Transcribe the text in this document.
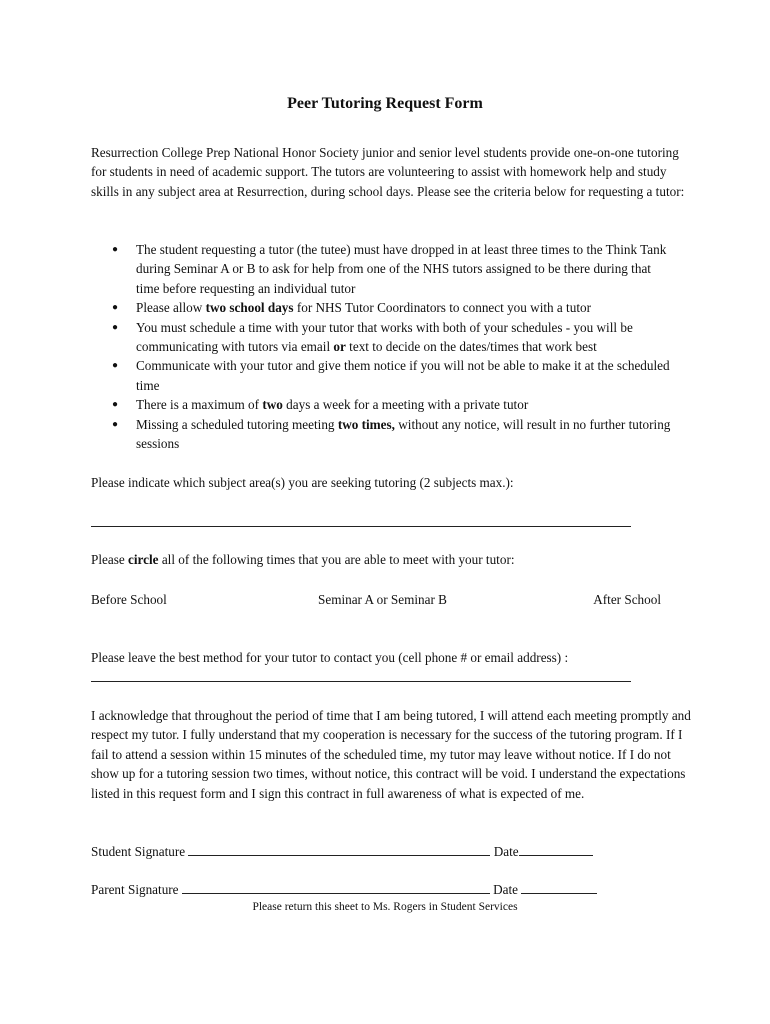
Peer Tutoring Request Form

Resurrection College Prep National Honor Society junior and senior level students provide one-on-one tutoring for students in need of academic support. The tutors are volunteering to assist with homework help and study skills in any subject area at Resurrection, during school days. Please see the criteria below for requesting a tutor:

● The student requesting a tutor (the tutee) must have dropped in at least three times to the Think Tank during Seminar A or B to ask for help from one of the NHS tutors assigned to be there during that time before requesting an individual tutor
● Please allow two school days for NHS Tutor Coordinators to connect you with a tutor
● You must schedule a time with your tutor that works with both of your schedules - you will be communicating with tutors via email or text to decide on the dates/times that work best
● Communicate with your tutor and give them notice if you will not be able to make it at the scheduled time
● There is a maximum of two days a week for a meeting with a private tutor
● Missing a scheduled tutoring meeting two times, without any notice, will result in no further tutoring sessions

Please indicate which subject area(s) you are seeking tutoring (2 subjects max.):

Please circle all of the following times that you are able to meet with your tutor:

Before School	Seminar A or Seminar B	After School

Please leave the best method for your tutor to contact you (cell phone # or email address) :

I acknowledge that throughout the period of time that I am being tutored, I will attend each meeting promptly and respect my tutor. I fully understand that my cooperation is necessary for the success of the tutoring program. If I fail to attend a session within 15 minutes of the scheduled time, my tutor may leave without notice. If I do not show up for a tutoring session two times, without notice, this contract will be void. I understand the expectations listed in this request form and I sign this contract in full awareness of what is expected of me.

Student Signature	Date
Parent Signature	Date

Please return this sheet to Ms. Rogers in Student Services
